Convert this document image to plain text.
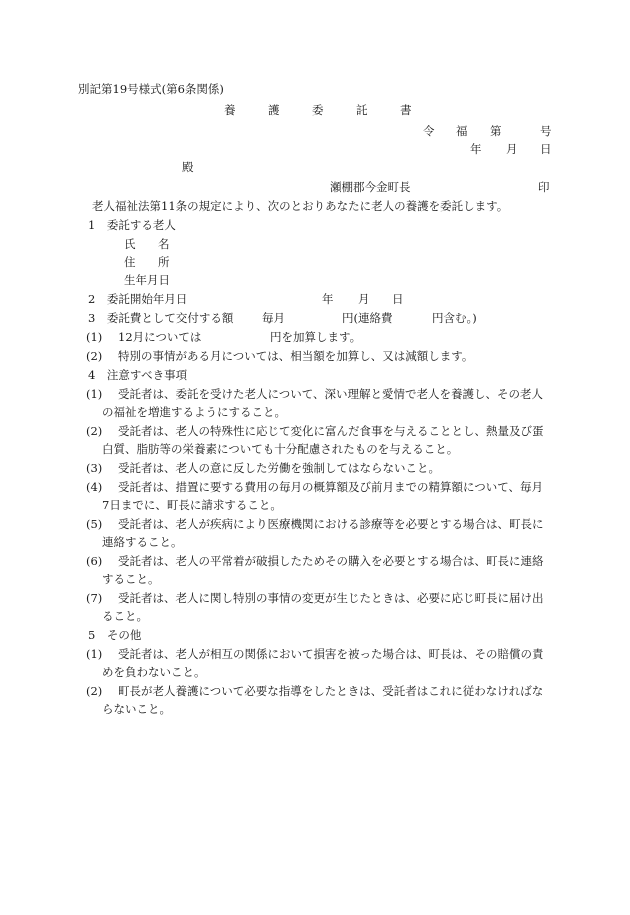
別記第19号様式(第6条関係)
養	護	委	託	書
令 福 第	号
年 月 日
殿
瀬棚郡今金町長	印
老人福祉法第11条の規定により、次のとおりあなたに老人の養護を委託します。
1　委託する老人
氏 名
住 所
生年月日
2　委託開始年月日	年 月 日
3　委託費として交付する額 毎月	円(連絡費	円含む。)
(1) 12月については	円を加算します。
(2) 特別の事情がある月については、相当額を加算し、又は減額します。
4　注意すべき事項
(1) 受託者は、委託を受けた老人について、深い理解と愛情で老人を養護し、その老人
の福祉を増進するようにすること。
(2) 受託者は、老人の特殊性に応じて変化に富んだ食事を与えることとし、熱量及び蛋
白質、脂肪等の栄養素についても十分配慮されたものを与えること。
(3) 受託者は、老人の意に反した労働を強制してはならないこと。
(4) 受託者は、措置に要する費用の毎月の概算額及び前月までの精算額について、毎月
7日までに、町長に請求すること。
(5) 受託者は、老人が疾病により医療機関における診療等を必要とする場合は、町長に
連絡すること。
(6) 受託者は、老人の平常着が破損したためその購入を必要とする場合は、町長に連絡
すること。
(7) 受託者は、老人に関し特別の事情の変更が生じたときは、必要に応じ町長に届け出
ること。
5　その他
(1) 受託者は、老人が相互の関係において損害を被った場合は、町長は、その賠償の責
めを負わないこと。
(2) 町長が老人養護について必要な指導をしたときは、受託者はこれに従わなければな
らないこと。
